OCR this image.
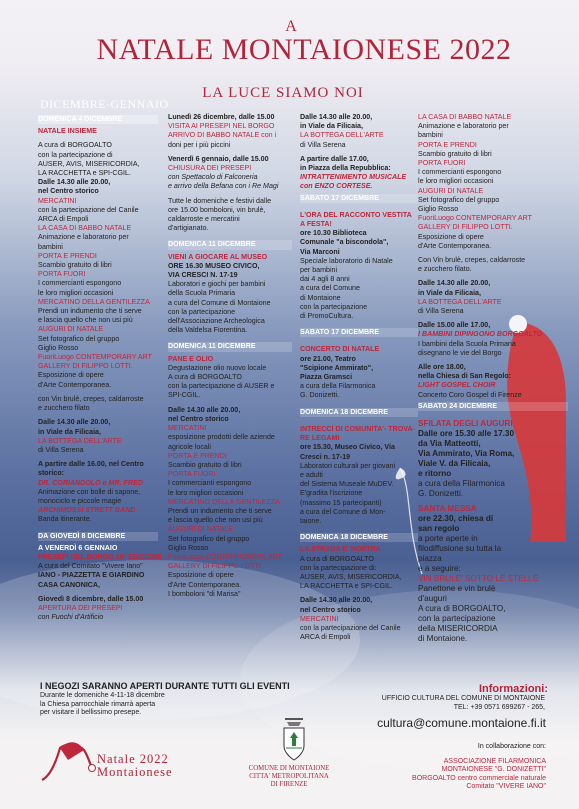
A
NATALE MONTAIONESE 2022
LA LUCE SIAMO NOI
DICEMBRE-GENNAIO
DOMENICA 4 DICEMBRE
NATALE INSIEME
A cura di BORGOALTO
con la partecipazione di
AUSER, AVIS, MISERICORDIA,
LA RACCHETTA e SPI-CGIL.
Dalle 14.30 alle 20.00,
nel Centro storico
MERCATINI
con la partecipazione del Canile
ARCA di Empoli
LA CASA DI BABBO NATALE
Animazione e laboratorio per
bambini
PORTA E PRENDI
Scambio gratuito di libri
PORTA FUORI
I commercianti espongono
le loro migliori occasioni
MERCATINO DELLA GENTILEZZA
Prendi un indumento che ti serve
e lascia quello che non usi più
AUGURI DI NATALE
Set fotografico del gruppo
Giglio Rosso
FuoriLuogo CONTEMPORARY ART
GALLERY DI FILIPPO LOTTI.
Esposizione di opere
d'Arte Contemporanea.
con Vin brulè, crepes, caldarroste
e zucchero filato
Dalle 14.30 alle 20.00,
in Viale da Filicaia,
LA BOTTEGA DELL'ARTE
di Villa Serena
A partire dalle 16.00, nel Centro
storico:
DR. CORIANDOLO e MR. FRED
Animazione con bolle di sapone,
monociclo e piccole magie
ARCHIMOSSI STRETT BAND
Banda itinerante.
DA GIOVEDÌ 8 DICEMBRE
A VENERDÌ 6 GENNAIO
PRESEPI NEL BORGO 16° EDIZIONE
A cura del Comitato "Vivere Iano"
IANO - PIAZZETTA E GIARDINO
CASA CANONICA,
Giovedì 8 dicembre, dalle 15.00
APERTURA DEI PRESEPI
con Fuochi d'Artificio
Lunedì 26 dicembre, dalle 15.00
VISITA AI PRESEPI NEL BORGO
ARRIVO DI BABBO NATALE con i
doni per i più piccini
Venerdì 6 gennaio, dalle 15.00
CHIUSURA DEI PRESEPI
con Spettacolo di Falconeria
e arrivo della Befana con i Re Magi
Tutte le domeniche e festivi dalle
ore 15.00 bomboloni, vin brulè,
caldarroste e mercatini
d'artigianato.
DOMENICA 11 DICEMBRE
VIENI A GIOCARE AL MUSEO
ORE 16.30 MUSEO CIVICO,
VIA CRESCI N. 17-19
Laboratori e giochi per bambini
della Scuola Primaria
a cura del Comune di Montaione
con la partecipazione
dell'Associazione Archeologica
della Valdelsa Fiorentina.
DOMENICA 11 DICEMBRE
PANE E OLIO
Degustazione olio nuovo locale
A cura di BORGOALTO
con la partecipazione di AUSER e
SPI-CGIL.
Dalle 14.30 alle 20.00,
nel Centro storico
MERCATINI
esposizione prodotti delle aziende
agricole locali
PORTA E PRENDI
Scambio gratuito di libri
PORTA FUORI
I commercianti espongono
le loro migliori occasioni
MERCATINO DELLA GENTILEZZA
Prendi un indumento che ti serve
e lascia quello che non usi più
AUGURI DI NATALE
Set fotografico del gruppo
Giglio Rosso
FuoriLuogo CONTEMPORARY ART
GALLERY DI FILIPPO LOTTI.
Esposizione di opere
d'Arte Contemporanea.
I bomboloni "di Marisa"
Dalle 14.30 alle 20.00,
in Viale da Filicaia,
LA BOTTEGA DELL'ARTE
di Villa Serena
A partire dalle 17.00,
in Piazza della Repubblica:
INTRATTENIMENTO MUSICALE
con ENZO CORTESE.
SABATO 17 DICEMBRE
L'ORA DEL RACCONTO VESTITA
A FESTA!
ore 10.30 Biblioteca
Comunale "a biscondola",
Via Marconi
Speciale laboratorio di Natale
per bambini
dai 4 agli 8 anni
a cura del Comune
di Montaione
con la partecipazione
di PromoCultura.
SABATO 17 DICEMBRE
CONCERTO DI NATALE
ore 21.00, Teatro
"Scipione Ammirato",
Piazza Gramsci
a cura della Filarmonica
G. Donizetti.
DOMENICA 18 DICEMBRE
INTRECCI DI COMUNITA'- TROVA-
RE LEGAMI
ore 15.30, Museo Civico, Via
Cresci n. 17-19
Laboratori culturali per giovani
e adulti
del Sistema Museale MuDEV.
E'gradita l'iscrizione
(massimo 15 partecipanti)
a cura del Comune di Mon-
taione.
DOMENICA 18 DICEMBRE
LA STRADA E' NOSTRA
A cura di BORGOALTO
con la partecipazione di:
AUSER, AVIS, MISERICORDIA,
LA RACCHETTA e SPI-CGIL.
Dalle 14.30 alle 20.00,
nel Centro storico
MERCATINI
con la partecipazione del Canile
ARCA di Empoli
LA CASA DI BABBO NATALE
Animazione e laboratorio per
bambini
PORTA E PRENDI
Scambio gratuito di libri
PORTA FUORI
I commercianti espongono
le loro migliori occasioni
AUGURI DI NATALE
Set fotografico del gruppo
Giglio Rosso
FuoriLuogo CONTEMPORARY ART
GALLERY DI FILIPPO LOTTI.
Esposizione di opere
d'Arte Contemporanea.
Con Vin brulè, crepes, caldarroste
e zucchero filato.
Dalle 14.30 alle 20.00,
in Viale da Filicaia,
LA BOTTEGA DELL'ARTE
di Villa Serena
Dalle 15.00 alle 17.00,
I BAMBINI DIPINGONO BORGOALTO
I bambini della Scuola Primaria
disegnano le vie del Borgo
Alle ore 18.00,
nella Chiesa di San Regolo:
LIGHT GOSPEL CHOIR
Concerto Coro Gospel di Firenze
SABATO 24 DICEMBRE
SFILATA DEGLI AUGURI
Dalle ore 15.30 alle 17.30
da Via Matteotti,
Via Ammirato, Via Roma,
Viale V. da Filicaia,
e ritorno
a cura della Filarmonica
G. Donizetti.
SANTA MESSA
ore 22.30, chiesa di
san regolo
a porte aperte in
filodiffusione su tutta la
piazza
e a seguire:
VIN BRULE' SOTTO LE STELLE
Panettone e vin brulè
d'auguri
A cura di BORGOALTO,
con la partecipazione
della MISERICORDIA
di Montaione.
I NEGOZI SARANNO APERTI DURANTE TUTTI GLI EVENTI
Durante le domeniche 4-11-18 dicembre
la Chiesa parrocchiale rimarrà aperta
per visitare il bellissimo presepe.
Informazioni:
UFFICIO CULTURA DEL COMUNE DI MONTAIONE
TEL: +39 0571 699267 - 265,
cultura@comune.montaione.fi.it
In collaborazione con:
ASSOCIAZIONE FILARMONICA
MONTAIONESE "G. DONIZETTI"
BORGOALTO centro commerciale naturale
Comitato "VIVERE IANO"
Natale 2022
Montaionese	COMUNE DI MONTAIONE
CITTA' METROPOLITANA
DI FIRENZE
